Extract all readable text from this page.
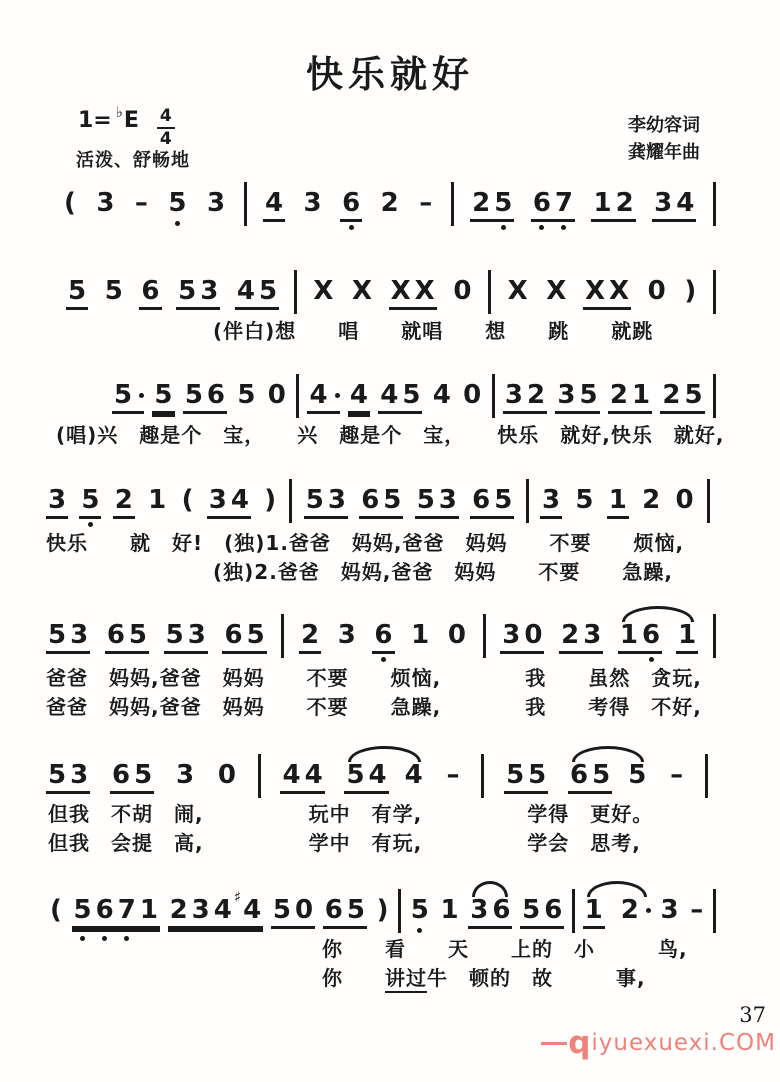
快乐就好
1= ♭ E $\frac{4}{4}$
活泼、舒畅地
李幼容词
龚耀年曲
( 3 – 5 3 4 3 6 2 – 2 5 6 7 1 2 3 4
5 5 6 5 3 4 5 X X X X 0 X X X X 0 )
5 5 5 6 5 0 4 4 4 5 4 0 3 2 3 5 2 1 2 5
3 5 2 1 ( 3 4 ) 5 3 6 5 5 3 6 5 3 5 1 2 0
5 3 6 5 5 3 6 5 2 3 6 1 0 3 0 2 3 1 6 1
5 3 6 5 3 0 4 4 5 4 4 – 5 5 6 5 5 –
( 5 6 7 1 2 3 4 ♯ 4 5 0 6 5 ) 5 1 3 6 5 6 1 2 3 –
(伴白)想　　唱　　就唱　　想　　跳　　就跳
(唱)兴　趣是个　宝，　　兴　趣是个　宝，　　快乐　就好,快乐　就好,
快乐　　就　好!　(独)1.爸爸　妈妈,爸爸　妈妈　　不要　　烦恼,
(独)2.爸爸　妈妈,爸爸　妈妈　　不要　　急躁,
爸爸　妈妈,爸爸　妈妈　　不要　　烦恼,　　　　我　　虽然　贪玩,
爸爸　妈妈,爸爸　妈妈　　不要　　急躁,　　　　我　　考得　不好,
但我　不胡　闹,　　　　　玩中　有学,　　　　　学得　更好。
但我　会提　高,　　　　　学中　有玩,　　　　　学会　思考,
你　　看　　天　　上的　小　　　鸟,
你　　讲过牛　顿的　故　　　事,
37
q iyuexuexi.COM
